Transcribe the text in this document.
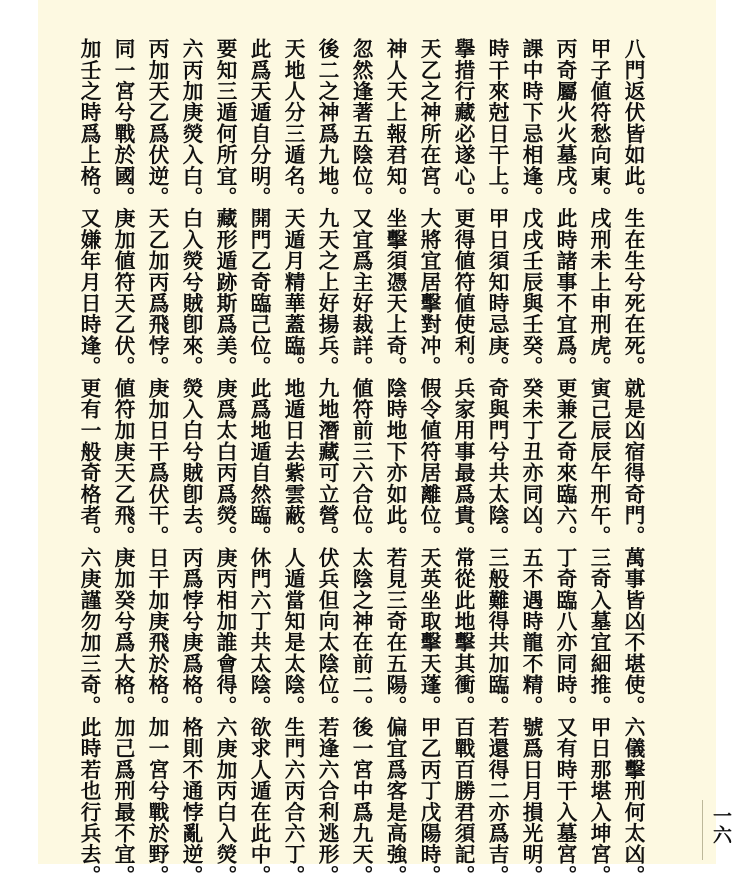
八門返伏皆如此。生在生兮死在死。就是凶宿得奇門。萬事皆凶不堪使。六儀擊刑何太凶。
甲子値符愁向東。戌刑未上申刑虎。寅己辰辰午刑午。三奇入墓宜細推。甲日那堪入坤宮。
丙奇屬火火墓戌。此時諸事不宜爲。更兼乙奇來臨六。丁奇臨八亦同時。又有時干入墓宮。
課中時下忌相逢。戊戌壬辰與壬癸。癸未丁丑亦同凶。五不遇時龍不精。號爲日月損光明。
時干來尅日干上。甲日須知時忌庚。奇與門兮共太陰。三般難得共加臨。若還得二亦爲吉。
擧措行藏必遂心。更得値符値使利。兵家用事最爲貴。常從此地擊其衝。百戰百勝君須記。
天乙之神所在宮。大將宜居擊對冲。假令値符居離位。天英坐取擊天蓬。甲乙丙丁戊陽時。
神人天上報君知。坐擊須憑天上奇。陰時地下亦如此。若見三奇在五陽。偏宜爲客是高強。
忽然逢著五陰位。又宜爲主好裁詳。値符前三六合位。太陰之神在前二。後一宮中爲九天。
後二之神爲九地。九天之上好揚兵。九地潛藏可立營。伏兵但向太陰位。若逢六合利逃形。
天地人分三遁名。天遁月精華蓋臨。地遁日去紫雲蔽。人遁當知是太陰。生門六丙合六丁。
此爲天遁自分明。開門乙奇臨己位。此爲地遁自然臨。休門六丁共太陰。欲求人遁在此中。
要知三遁何所宜。藏形遁跡斯爲美。庚爲太白丙爲熒。庚丙相加誰會得。六庚加丙白入熒。
六丙加庚熒入白。白入熒兮賊卽來。熒入白兮賊卽去。丙爲悖兮庚爲格。格則不通悖亂逆。
丙加天乙爲伏逆。天乙加丙爲飛悖。庚加日干爲伏干。日干加庚飛於格。加一宮兮戰於野。
同一宮兮戰於國。庚加値符天乙伏。値符加庚天乙飛。庚加癸兮爲大格。加己爲刑最不宜。
加壬之時爲上格。又嫌年月日時逢。更有一般奇格者。六庚謹勿加三奇。此時若也行兵去。	一六
